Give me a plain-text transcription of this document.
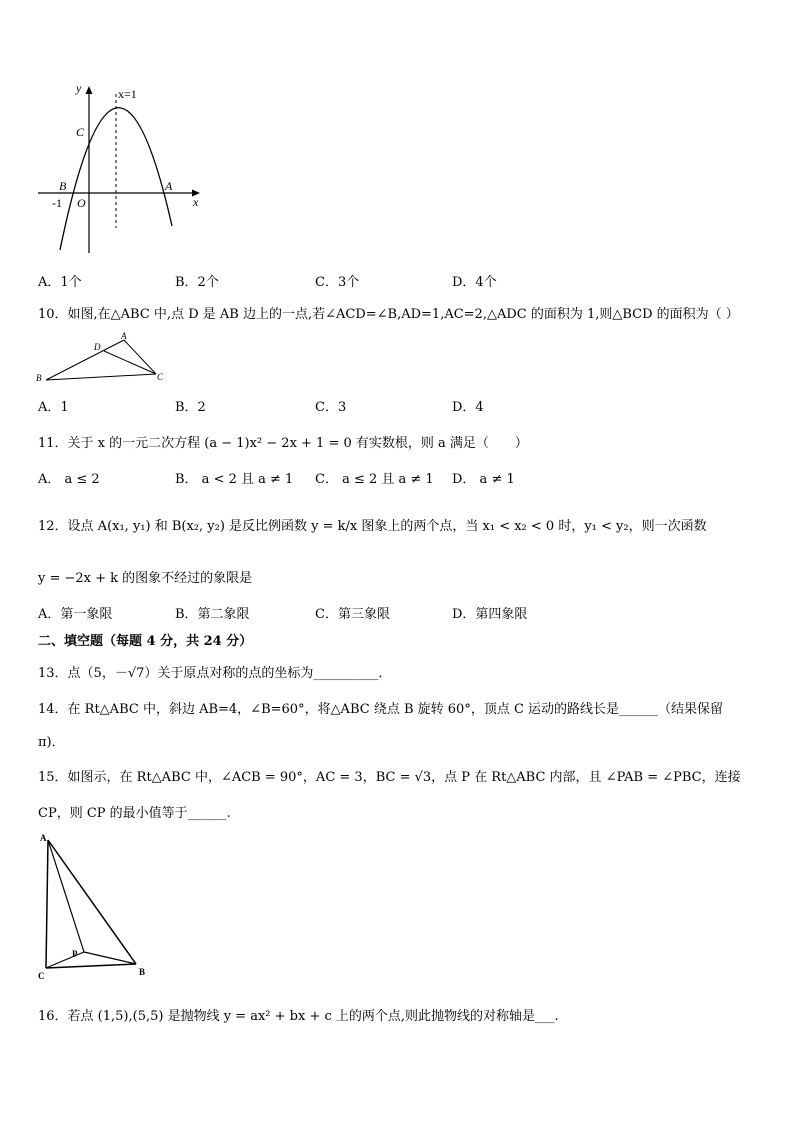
y
x
x=1
C
B	A
O
-1
A．1个	B．2个	C．3个	D．4个
10．如图,在△ABC 中,点 D 是 AB 边上的一点,若∠ACD=∠B,AD=1,AC=2,△ADC 的面积为 1,则△BCD 的面积为（ ）
A
D
B	C
A．1	B．2	C．3	D．4
11．关于 x 的一元二次方程 (a − 1)x² − 2x + 1 = 0 有实数根，则 a 满足（　　）
A． a ≤ 2	B． a < 2 且 a ≠ 1 C． a ≤ 2 且 a ≠ 1 D． a ≠ 1
12．设点 A(x₁, y₁) 和 B(x₂, y₂) 是反比例函数 y = k/x 图象上的两个点，当 x₁ < x₂ < 0 时，y₁ < y₂，则一次函数
y = −2x + k 的图象不经过的象限是
A．第一象限	B．第二象限	C．第三象限	D．第四象限
二、填空题（每题 4 分，共 24 分）
13．点（5，－√7）关于原点对称的点的坐标为__________．
14．在 Rt△ABC 中，斜边 AB=4，∠B=60°，将△ABC 绕点 B 旋转 60°，顶点 C 运动的路线长是______（结果保留
π)．
15．如图示，在 Rt△ABC 中，∠ACB = 90°，AC = 3，BC = √3，点 P 在 Rt△ABC 内部，且 ∠PAB = ∠PBC，连接
CP，则 CP 的最小值等于______.
A
P
C	B
16．若点 (1,5),(5,5) 是抛物线 y = ax² + bx + c 上的两个点,则此抛物线的对称轴是___.
